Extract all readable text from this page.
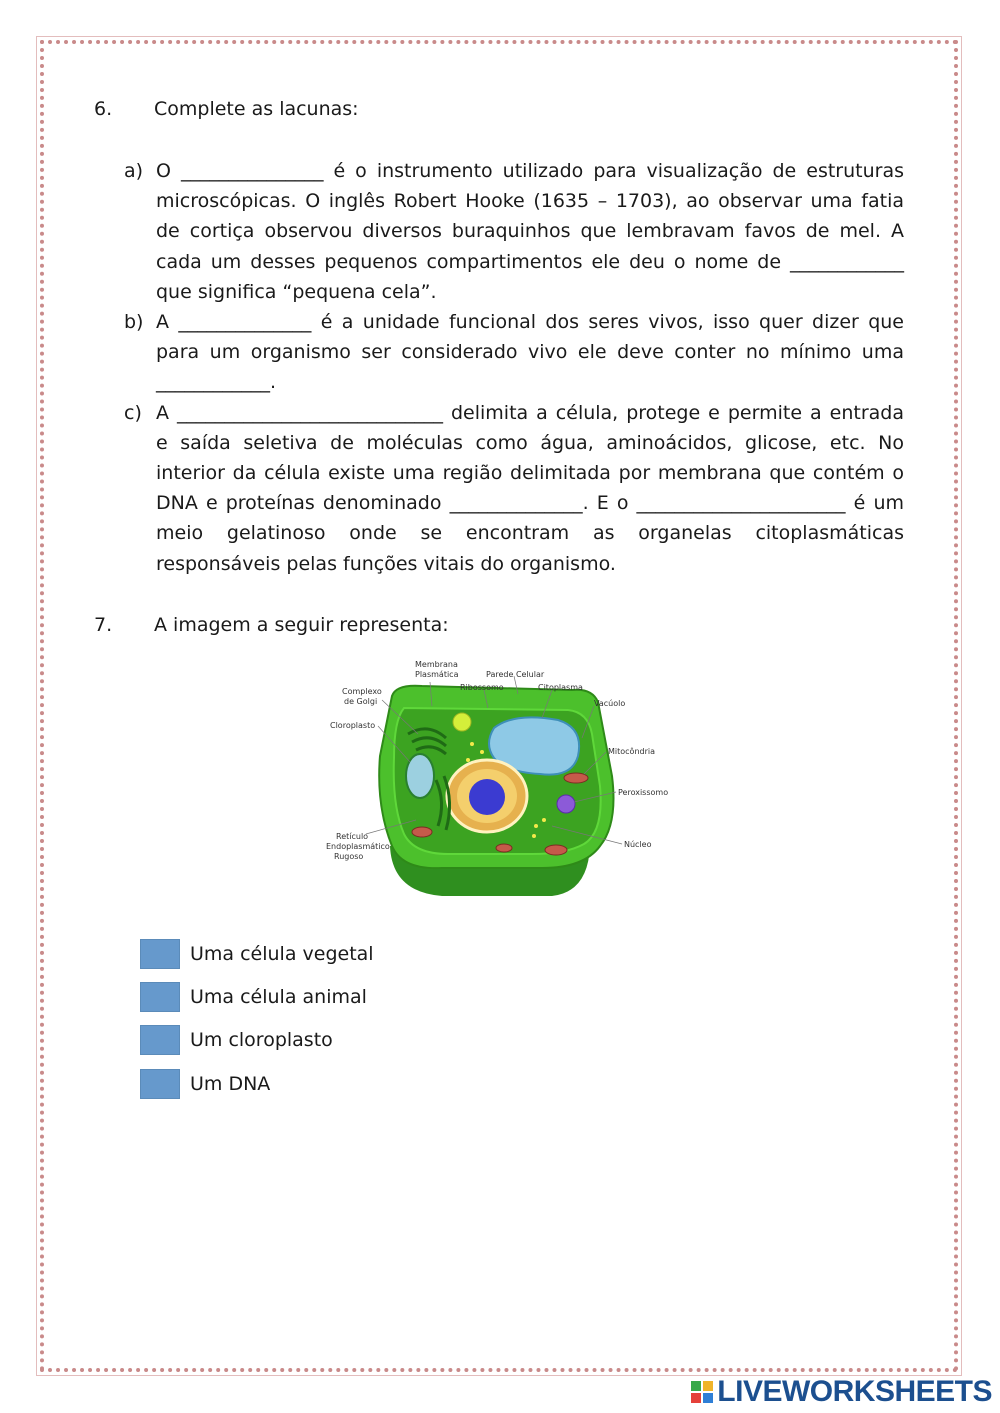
6. Complete as lacunas:
a) O _______________ é o instrumento utilizado para visualização de estruturas microscópicas. O inglês Robert Hooke (1635 – 1703), ao observar uma fatia de cortiça observou diversos buraquinhos que lembravam favos de mel. A cada um desses pequenos compartimentos ele deu o nome de ____________ que significa “pequena cela”.
b) A ______________ é a unidade funcional dos seres vivos, isso quer dizer que para um organismo ser considerado vivo ele deve conter no mínimo uma ____________.
c) A ____________________________ delimita a célula, protege e permite a entrada e saída seletiva de moléculas como água, aminoácidos, glicose, etc. No interior da célula existe uma região delimitada por membrana que contém o DNA e proteínas denominado ______________. E o ______________________ é um meio gelatinoso onde se encontram as organelas citoplasmáticas responsáveis pelas funções vitais do organismo.
7. A imagem a seguir representa:
Membrana
Plasmática	Parede Celular
Ribossomo	Citoplasma
Complexo
de Golgi	Vacúolo
Cloroplasto
Mitocôndria
Peroxissomo
Retículo
Endoplasmático
Rugoso
Núcleo
Uma célula vegetal
Uma célula animal
Um cloroplasto
Um DNA
LIVEWORKSHEETS
